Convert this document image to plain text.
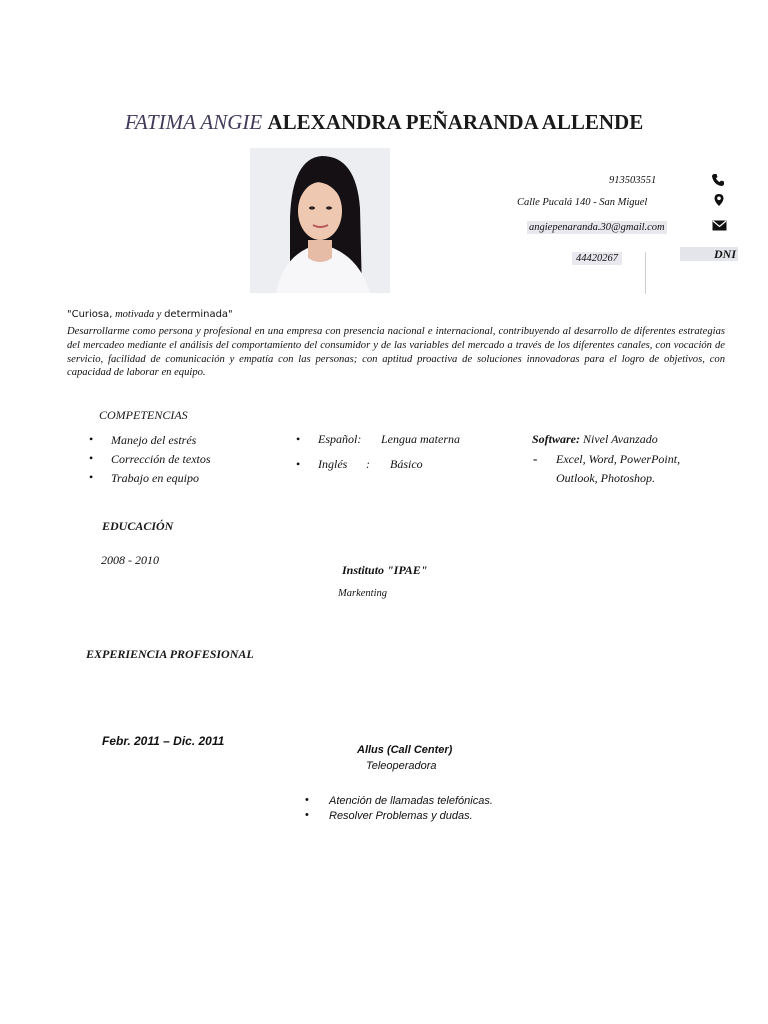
FATIMA ANGIE ALEXANDRA PEÑARANDA ALLENDE
913503551
Calle Pucalá 140 - San Miguel
angiepenaranda.30@gmail.com
44420267	DNI
"Curiosa, motivada y determinada"
Desarrollarme como persona y profesional en una empresa con presencia nacional e internacional, contribuyendo al desarrollo de diferentes estrategias del mercadeo mediante el análisis del comportamiento del consumidor y de las variables del mercado a través de los diferentes canales, con vocación de servicio, facilidad de comunicación y empatía con las personas; con aptitud proactiva de soluciones innovadoras para el logro de objetivos, con capacidad de laborar en equipo.
COMPETENCIAS
• Manejo del estrés
• Corrección de textos
• Trabajo en equipo
• Español: Lengua materna
• Inglés : Básico
Software: Nivel Avanzado
- Excel, Word, PowerPoint,
Outlook, Photoshop.
EDUCACIÓN
2008 - 2010
Instituto "IPAE"
Markenting
EXPERIENCIA PROFESIONAL
Febr. 2011 – Dic. 2011
Allus (Call Center)
Teleoperadora
• Atención de llamadas telefónicas.
• Resolver Problemas y dudas.
